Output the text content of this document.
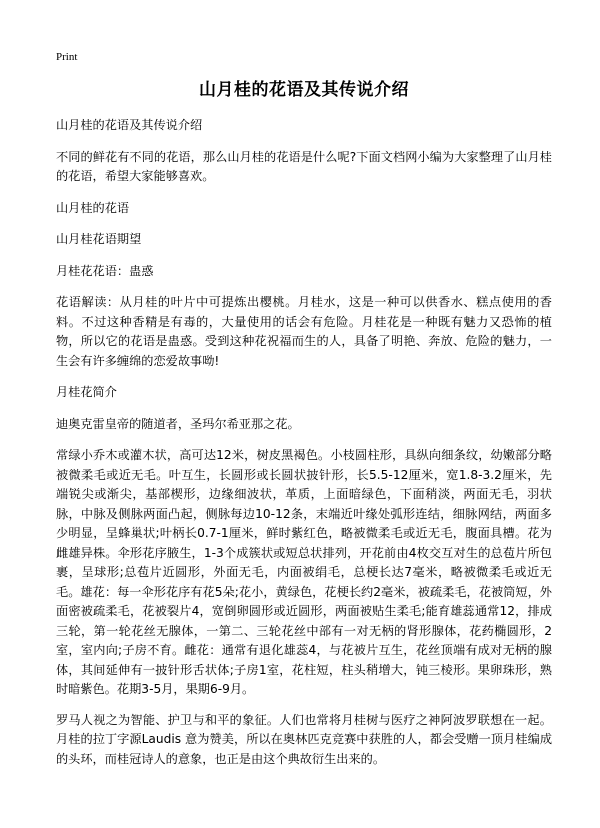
Print
山月桂的花语及其传说介绍

山月桂的花语及其传说介绍

不同的鲜花有不同的花语，那么山月桂的花语是什么呢?下面文档网小编为大家整理了山月桂的花语，希望大家能够喜欢。

山月桂的花语

山月桂花语期望

月桂花花语：蛊惑

花语解读：从月桂的叶片中可提炼出樱桃。月桂水，这是一种可以供香水、糕点使用的香料。不过这种香精是有毒的，大量使用的话会有危险。月桂花是一种既有魅力又恐怖的植物，所以它的花语是蛊惑。受到这种花祝福而生的人，具备了明艳、奔放、危险的魅力，一生会有许多缠绵的恋爱故事呦!

月桂花简介

迪奥克雷皇帝的随道者，圣玛尔希亚那之花。

常绿小乔木或灌木状，高可达12米，树皮黑褐色。小枝圆柱形，具纵向细条纹，幼嫩部分略被微柔毛或近无毛。叶互生，长圆形或长圆状披针形，长5.5-12厘米，宽1.8-3.2厘米，先端锐尖或渐尖，基部楔形，边缘细波状，革质，上面暗绿色，下面稍淡，两面无毛，羽状脉，中脉及侧脉两面凸起，侧脉每边10-12条，末端近叶缘处弧形连结，细脉网结，两面多少明显，呈蜂巢状;叶柄长0.7-1厘米，鲜时紫红色，略被微柔毛或近无毛，腹面具槽。花为雌雄异株。伞形花序腋生，1-3个成簇状或短总状排列，开花前由4枚交互对生的总苞片所包裹，呈球形;总苞片近圆形，外面无毛，内面被绢毛，总梗长达7毫米，略被微柔毛或近无毛。雄花：每一伞形花序有花5朵;花小，黄绿色，花梗长约2毫米，被疏柔毛，花被筒短，外面密被疏柔毛，花被裂片4，宽倒卵圆形或近圆形，两面被贴生柔毛;能育雄蕊通常12，排成三轮，第一轮花丝无腺体，一第二、三轮花丝中部有一对无柄的肾形腺体，花药椭圆形，2室，室内向;子房不育。雌花：通常有退化雄蕊4，与花被片互生，花丝顶端有成对无柄的腺体，其间延伸有一披针形舌状体;子房1室，花柱短，柱头稍增大，钝三棱形。果卵珠形，熟时暗紫色。花期3-5月，果期6-9月。

罗马人视之为智能、护卫与和平的象征。人们也常将月桂树与医疗之神阿波罗联想在一起。月桂的拉丁字源Laudis 意为赞美，所以在奥林匹克竞赛中获胜的人，都会受赠一顶月桂编成的头环，而桂冠诗人的意象，也正是由这个典故衍生出来的。
